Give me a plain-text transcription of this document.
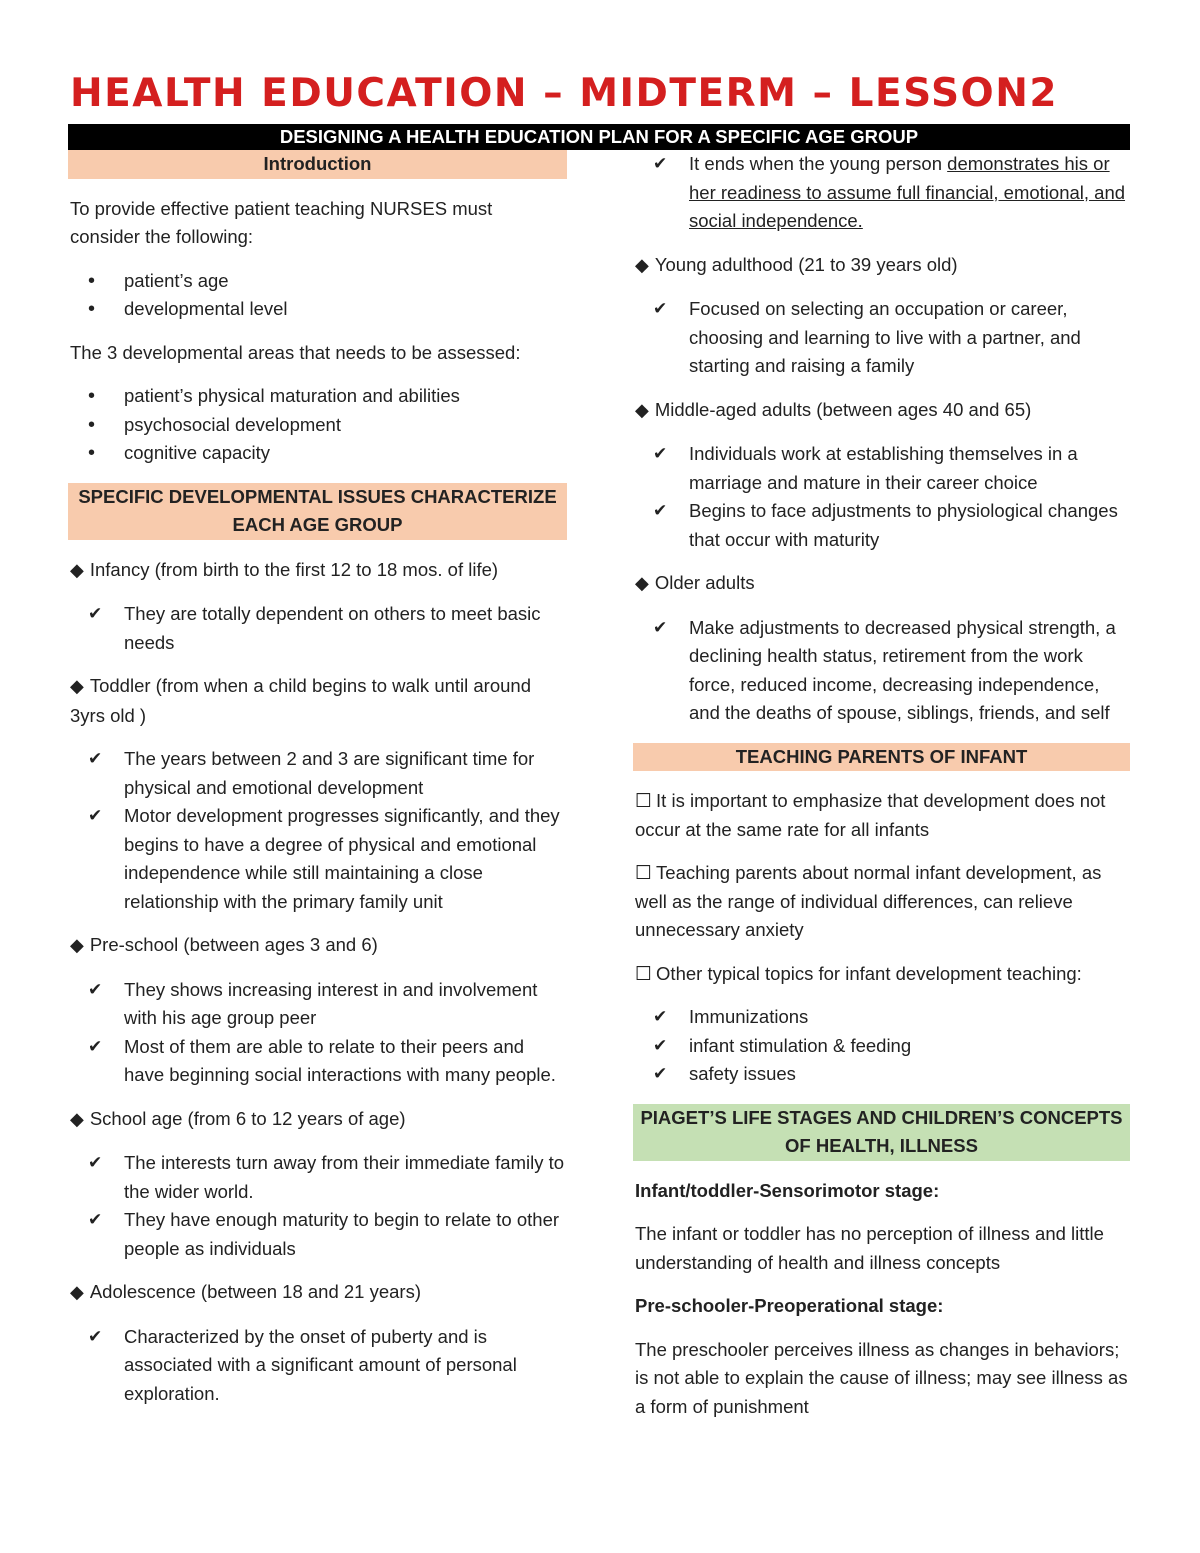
HEALTH EDUCATION – MIDTERM – LESSON2
DESIGNING A HEALTH EDUCATION PLAN FOR A SPECIFIC AGE GROUP
Introduction
To provide effective patient teaching NURSES must consider the following:
• patient’s age
• developmental level
The 3 developmental areas that needs to be assessed:
• patient’s physical maturation and abilities
• psychosocial development
• cognitive capacity
SPECIFIC DEVELOPMENTAL ISSUES CHARACTERIZE EACH AGE GROUP
◆ Infancy (from birth to the first 12 to 18 mos. of life)
✔ They are totally dependent on others to meet basic needs
◆ Toddler (from when a child begins to walk until around 3yrs old )
✔ The years between 2 and 3 are significant time for physical and emotional development
✔ Motor development progresses significantly, and they begins to have a degree of physical and emotional independence while still maintaining a close relationship with the primary family unit
◆ Pre-school (between ages 3 and 6)
✔ They shows increasing interest in and involvement with his age group peer
✔ Most of them are able to relate to their peers and have beginning social interactions with many people.
◆ School age (from 6 to 12 years of age)
✔ The interests turn away from their immediate family to the wider world.
✔ They have enough maturity to begin to relate to other people as individuals
◆ Adolescence (between 18 and 21 years)
✔ Characterized by the onset of puberty and is associated with a significant amount of personal exploration.
✔ It ends when the young person demonstrates his or her readiness to assume full financial, emotional, and social independence.
◆ Young adulthood (21 to 39 years old)
✔ Focused on selecting an occupation or career, choosing and learning to live with a partner, and starting and raising a family
◆ Middle-aged adults (between ages 40 and 65)
✔ Individuals work at establishing themselves in a marriage and mature in their career choice
✔ Begins to face adjustments to physiological changes that occur with maturity
◆ Older adults
✔ Make adjustments to decreased physical strength, a declining health status, retirement from the work force, reduced income, decreasing independence, and the deaths of spouse, siblings, friends, and self
TEACHING PARENTS OF INFANT
☐ It is important to emphasize that development does not occur at the same rate for all infants
☐ Teaching parents about normal infant development, as well as the range of individual differences, can relieve unnecessary anxiety
☐ Other typical topics for infant development teaching:
✔ Immunizations
✔ infant stimulation & feeding
✔ safety issues
PIAGET’S LIFE STAGES AND CHILDREN’S CONCEPTS OF HEALTH, ILLNESS
Infant/toddler-Sensorimotor stage:
The infant or toddler has no perception of illness and little understanding of health and illness concepts
Pre-schooler-Preoperational stage:
The preschooler perceives illness as changes in behaviors; is not able to explain the cause of illness; may see illness as a form of punishment
